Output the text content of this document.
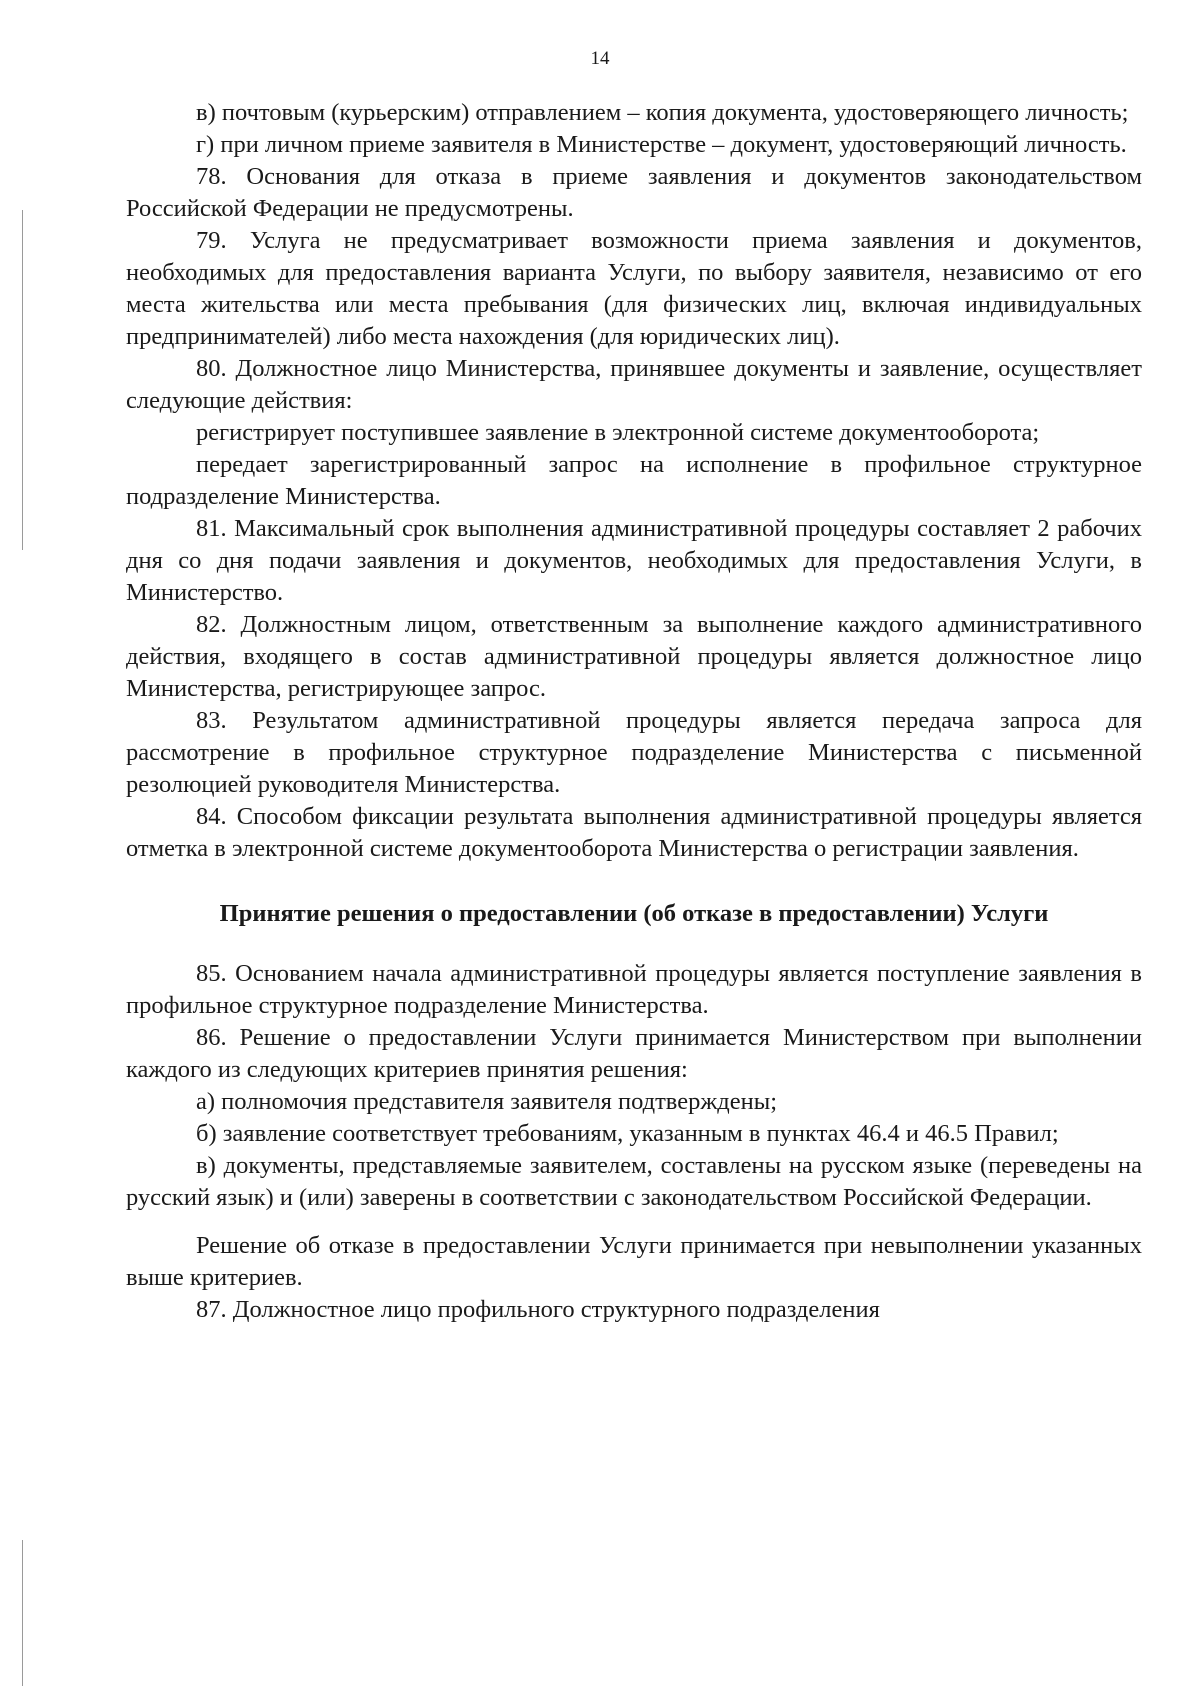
14

в) почтовым (курьерским) отправлением – копия документа, удостоверяющего личность;

г) при личном приеме заявителя в Министерстве – документ, удостоверяющий личность.

78. Основания для отказа в приеме заявления и документов законодательством Российской Федерации не предусмотрены.

79. Услуга не предусматривает возможности приема заявления и документов, необходимых для предоставления варианта Услуги, по выбору заявителя, независимо от его места жительства или места пребывания (для физических лиц, включая индивидуальных предпринимателей) либо места нахождения (для юридических лиц).

80. Должностное лицо Министерства, принявшее документы и заявление, осуществляет следующие действия:

регистрирует поступившее заявление в электронной системе документооборота;

передает зарегистрированный запрос на исполнение в профильное структурное подразделение Министерства.

81. Максимальный срок выполнения административной процедуры составляет 2 рабочих дня со дня подачи заявления и документов, необходимых для предоставления Услуги, в Министерство.

82. Должностным лицом, ответственным за выполнение каждого административного действия, входящего в состав административной процедуры является должностное лицо Министерства, регистрирующее запрос.

83. Результатом административной процедуры является передача запроса для рассмотрение в профильное структурное подразделение Министерства с письменной резолюцией руководителя Министерства.

84. Способом фиксации результата выполнения административной процедуры является отметка в электронной системе документооборота Министерства о регистрации заявления.

Принятие решения о предоставлении (об отказе в предоставлении) Услуги

85. Основанием начала административной процедуры является поступление заявления в профильное структурное подразделение Министерства.

86. Решение о предоставлении Услуги принимается Министерством при выполнении каждого из следующих критериев принятия решения:

а) полномочия представителя заявителя подтверждены;

б) заявление соответствует требованиям, указанным в пунктах 46.4 и 46.5 Правил;

в) документы, представляемые заявителем, составлены на русском языке (переведены на русский язык) и (или) заверены в соответствии с законодательством Российской Федерации.

Решение об отказе в предоставлении Услуги принимается при невыполнении указанных выше критериев.

87. Должностное лицо профильного структурного подразделения
